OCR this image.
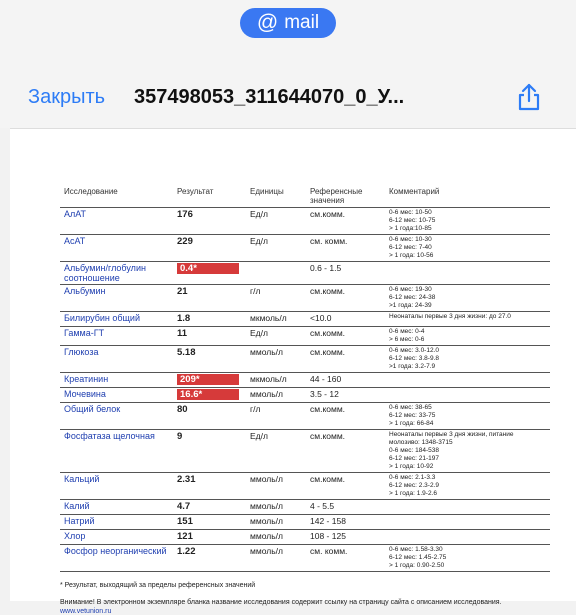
@ mail
Закрыть 357498053_311644070_0_У...
Исследование	Результат	Единицы	Референсные значения	Комментарий
АлАТ	176	Ед/л	см.комм.	0-6 мес: 10-50
6-12 мес: 10-75
> 1 года:10-85

АсАТ	229	Ед/л	см. комм.	0-6 мес: 10-30
6-12 мес: 7-40
> 1 года: 10-56

Альбумин/глобулин соотношение	0.4*		0.6 - 1.5	
Альбумин	21	г/л	см.комм.	0-6 мес: 19-30
6-12 мес: 24-38
>1 года: 24-39

Билирубин общий	1.8	мкмоль/л	<10.0	Неонаталы первые 3 дня жизни: до 27.0

Гамма-ГТ	11	Ед/л	см.комм.	0-6 мес: 0-4
> 6 мес: 0-6

Глюкоза	5.18	ммоль/л	см.комм.	0-6 мес: 3.0-12.0
6-12 мес: 3.8-9.8
>1 года: 3.2-7.9

Креатинин	209*	мкмоль/л	44 - 160	
Мочевина	16.6*	ммоль/л	3.5 - 12	
Общий белок	80	г/л	см.комм.	0-6 мес: 38-65
6-12 мес: 33-75
> 1 года: 66-84

Фосфатаза щелочная	9	Ед/л	см.комм.	Неонаталы первые 3 дня жизни, питание
молозиво: 1348-3715
0-6 мес: 184-538
6-12 мес: 21-197
> 1 года: 10-92

Кальций	2.31	ммоль/л	см.комм.	0-6 мес: 2.1-3.3
6-12 мес: 2.3-2.9
> 1 года: 1.9-2.6

Калий	4.7	ммоль/л	4 - 5.5	
Натрий	151	ммоль/л	142 - 158	
Хлор	121	ммоль/л	108 - 125	
Фосфор неорганический	1.22	ммоль/л	см. комм.	0-6 мес: 1.58-3.30
6-12 мес: 1.45-2.75
> 1 года: 0.90-2.50
* Результат, выходящий за пределы референсных значений
Внимание! В электронном экземпляре бланка название исследования содержит ссылку на страницу сайта с описанием исследования.
www.vetunion.ru
